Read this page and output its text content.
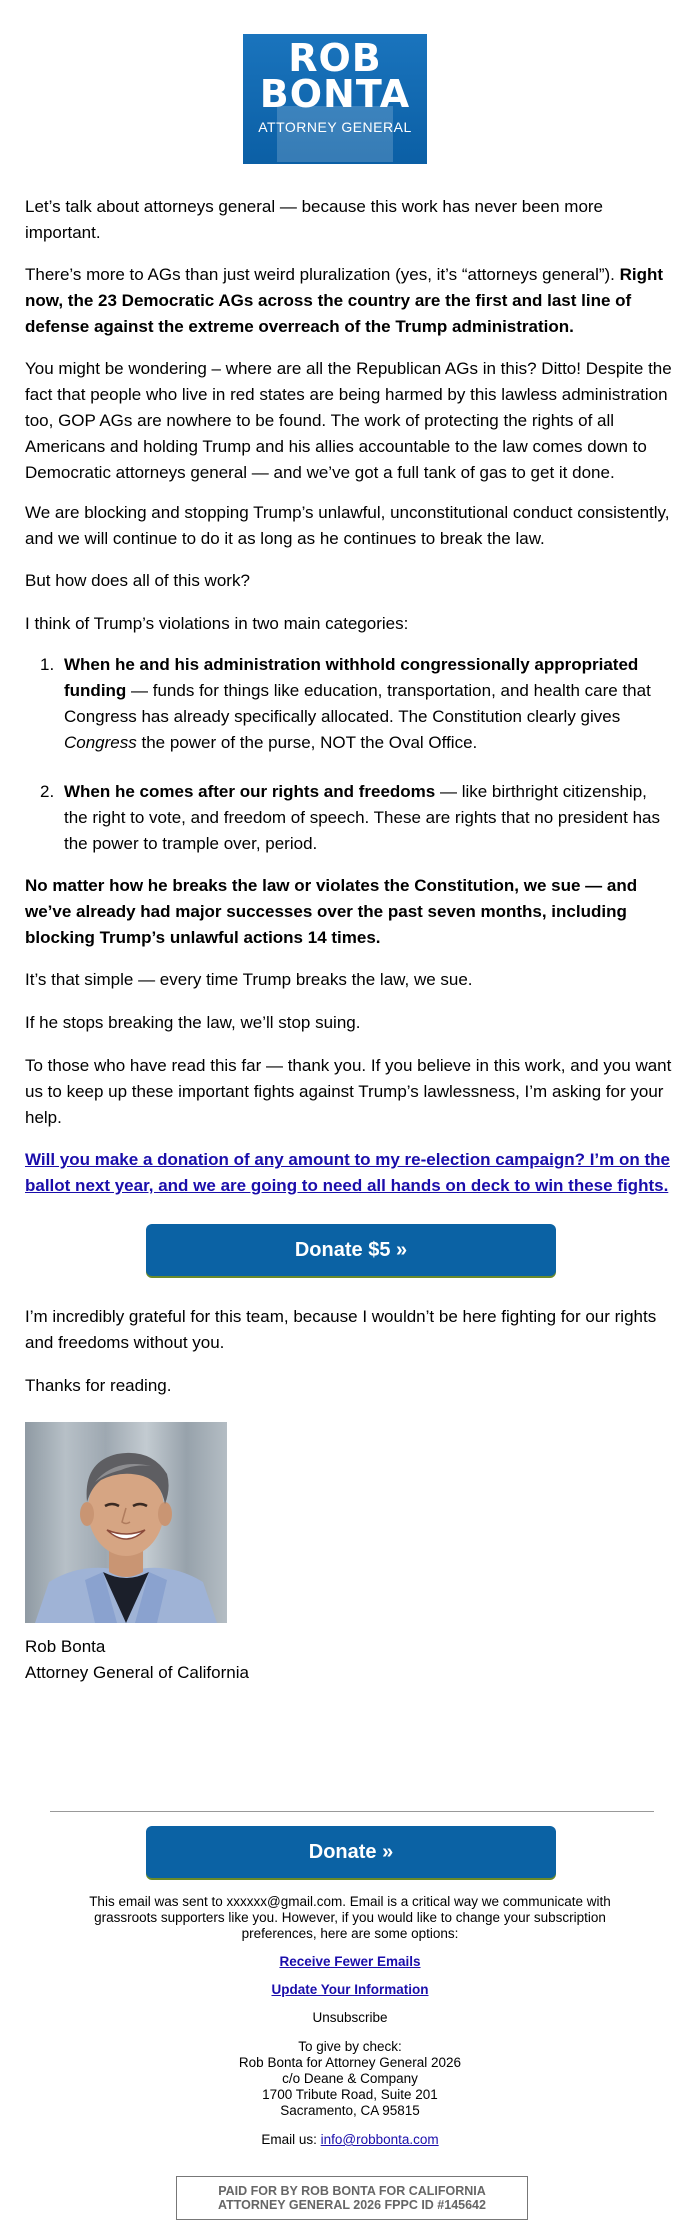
ROB
BONTA
ATTORNEY GENERAL

Let’s talk about attorneys general — because this work has never been more important.

There’s more to AGs than just weird pluralization (yes, it’s “attorneys general”). Right now, the 23 Democratic AGs across the country are the first and last line of defense against the extreme overreach of the Trump administration.

You might be wondering – where are all the Republican AGs in this? Ditto! Despite the fact that people who live in red states are being harmed by this lawless administration too, GOP AGs are nowhere to be found. The work of protecting the rights of all Americans and holding Trump and his allies accountable to the law comes down to Democratic attorneys general — and we’ve got a full tank of gas to get it done.

We are blocking and stopping Trump’s unlawful, unconstitutional conduct consistently, and we will continue to do it as long as he continues to break the law.

But how does all of this work?

I think of Trump’s violations in two main categories:

1. When he and his administration withhold congressionally appropriated funding — funds for things like education, transportation, and health care that Congress has already specifically allocated. The Constitution clearly gives Congress the power of the purse, NOT the Oval Office.
2. When he comes after our rights and freedoms — like birthright citizenship, the right to vote, and freedom of speech. These are rights that no president has the power to trample over, period.

No matter how he breaks the law or violates the Constitution, we sue — and we’ve already had major successes over the past seven months, including blocking Trump’s unlawful actions 14 times.

It’s that simple — every time Trump breaks the law, we sue.

If he stops breaking the law, we’ll stop suing.

To those who have read this far — thank you. If you believe in this work, and you want us to keep up these important fights against Trump’s lawlessness, I’m asking for your help.

Will you make a donation of any amount to my re-election campaign? I’m on the ballot next year, and we are going to need all hands on deck to win these fights.
Donate $5 »

I’m incredibly grateful for this team, because I wouldn’t be here fighting for our rights and freedoms without you.

Thanks for reading.

Rob Bonta
Attorney General of California
Donate »
This email was sent to xxxxxx@gmail.com. Email is a critical way we communicate with grassroots supporters like you. However, if you would like to change your subscription preferences, here are some options:
Receive Fewer Emails
Update Your Information
Unsubscribe
To give by check:
Rob Bonta for Attorney General 2026
c/o Deane & Company
1700 Tribute Road, Suite 201
Sacramento, CA 95815
Email us: info@robbonta.com
PAID FOR BY ROB BONTA FOR CALIFORNIA
ATTORNEY GENERAL 2026 FPPC ID #145642
